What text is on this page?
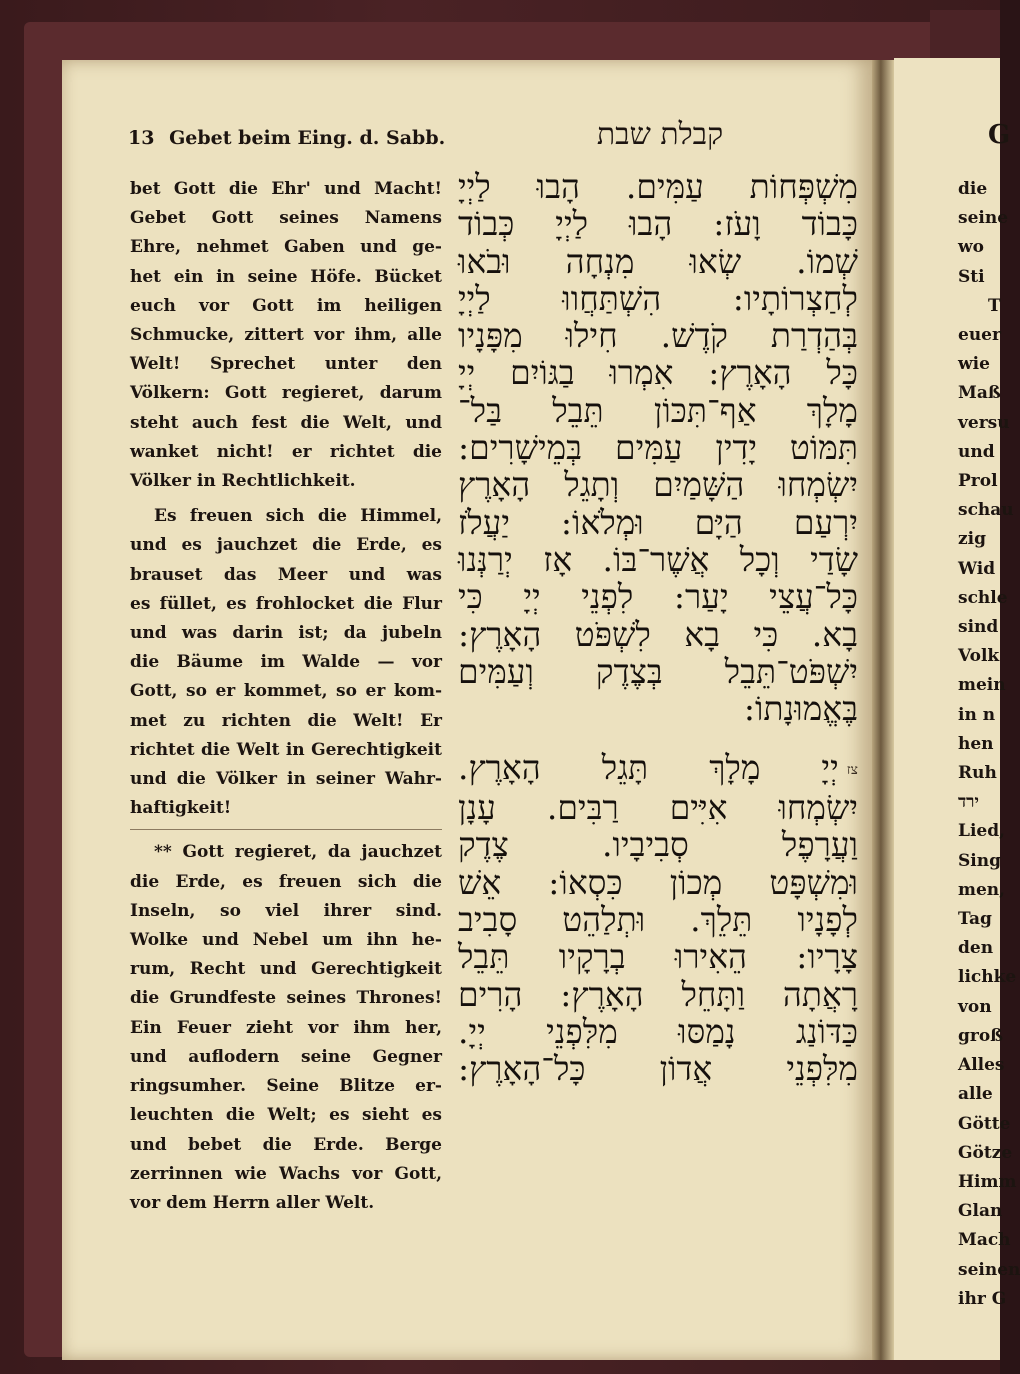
13 Gebet beim Eing. d. Sabb.	קבלת שבת

bet Gott die Ehr' und Macht!
Gebet Gott seines Namens
Ehre, nehmet Gaben und ge-
het ein in seine Höfe. Bücket
euch vor Gott im heiligen
Schmucke, zittert vor ihm, alle
Welt! Sprechet unter den
Völkern: Gott regieret, darum
steht auch fest die Welt, und
wanket nicht! er richtet die
Völker in Rechtlichkeit.

Es freuen sich die Himmel,
und es jauchzet die Erde, es
brauset das Meer und was
es füllet, es frohlocket die Flur
und was darin ist; da jubeln
die Bäume im Walde — vor
Gott, so er kommet, so er kom-
met zu richten die Welt! Er
richtet die Welt in Gerechtigkeit
und die Völker in seiner Wahr-
haftigkeit!

** Gott regieret, da jauchzet
die Erde, es freuen sich die
Inseln, so viel ihrer sind.
Wolke und Nebel um ihn he-
rum, Recht und Gerechtigkeit
die Grundfeste seines Thrones!
Ein Feuer zieht vor ihm her,
und auflodern seine Gegner
ringsumher. Seine Blitze er-
leuchten die Welt; es sieht es
und bebet die Erde. Berge
zerrinnen wie Wachs vor Gott,
vor dem Herrn aller Welt.

מִשְׁפְּחוֹת עַמִּים. הָבוּ לַיְיָ
כָּבוֹד וָעֹז: הָבוּ לַיְיָ כְּבוֹד
שְׁמוֹ. שְׂאוּ מִנְחָה וּבֹאוּ
לְחַצְרוֹתָיו: הִשְׁתַּחֲווּ לַיְיָ
בְּהַדְרַת קֹדֶשׁ. חִילוּ מִפָּנָיו
כָּל הָאָרֶץ: אִמְרוּ בַגּוֹיִם יְיָ
מָלָךְ אַף־תִּכּוֹן תֵּבֵל בַּל־
תִּמּוֹט יָדִין עַמִּים בְּמֵישָׁרִים:
יִשְׂמְחוּ הַשָּׁמַיִם וְתָגֵל הָאָרֶץ
יִרְעַם הַיָּם וּמְלֹאוֹ: יַעֲלֹז
שָׂדַי וְכָל אֲשֶׁר־בּוֹ. אָז יְרַנְּנוּ
כָּל־עֲצֵי יָעַר: לִפְנֵי יְיָ כִּי
בָא. כִּי בָא לִשְׁפֹּט הָאָרֶץ:
יִשְׁפֹּט־תֵּבֵל בְּצֶדֶק וְעַמִּים
בֶּאֱמוּנָתוֹ:
צזיְיָ מָלָךְ תָּגֵל הָאָרֶץ.
יִשְׂמְחוּ אִיִּים רַבִּים. עָנָן
וַעֲרָפֶל סְבִיבָיו. צֶדֶק
וּמִשְׁפָּט מְכוֹן כִּסְאוֹ: אֵשׁ
לְפָנָיו תֵּלֵךְ. וּתְלַהֵט סָבִיב
צָרָיו: הֵאִירוּ בְרָקָיו תֵּבֵל
רָאֲתָה וַתָּחֵל הָאָרֶץ: הָרִים
כַּדּוֹנַג נָמַסּוּ מִלִּפְנֵי יְיָ.
מִלִּפְנֵי אֲדוֹן כָּל־הָאָרֶץ:
G
die
seine
wo
Sti
T
euer
wie
Maß
versu
und
Prol
schau
zig
Wid
schle
sind
Volk
mein
in n
hen
Ruh
ירד
Lied,
Sing
men,
Tag
den
lichke
von
groß
Alles
alle
Götte
Götze
Himm
Glan
Mach
seinen
ihr G
